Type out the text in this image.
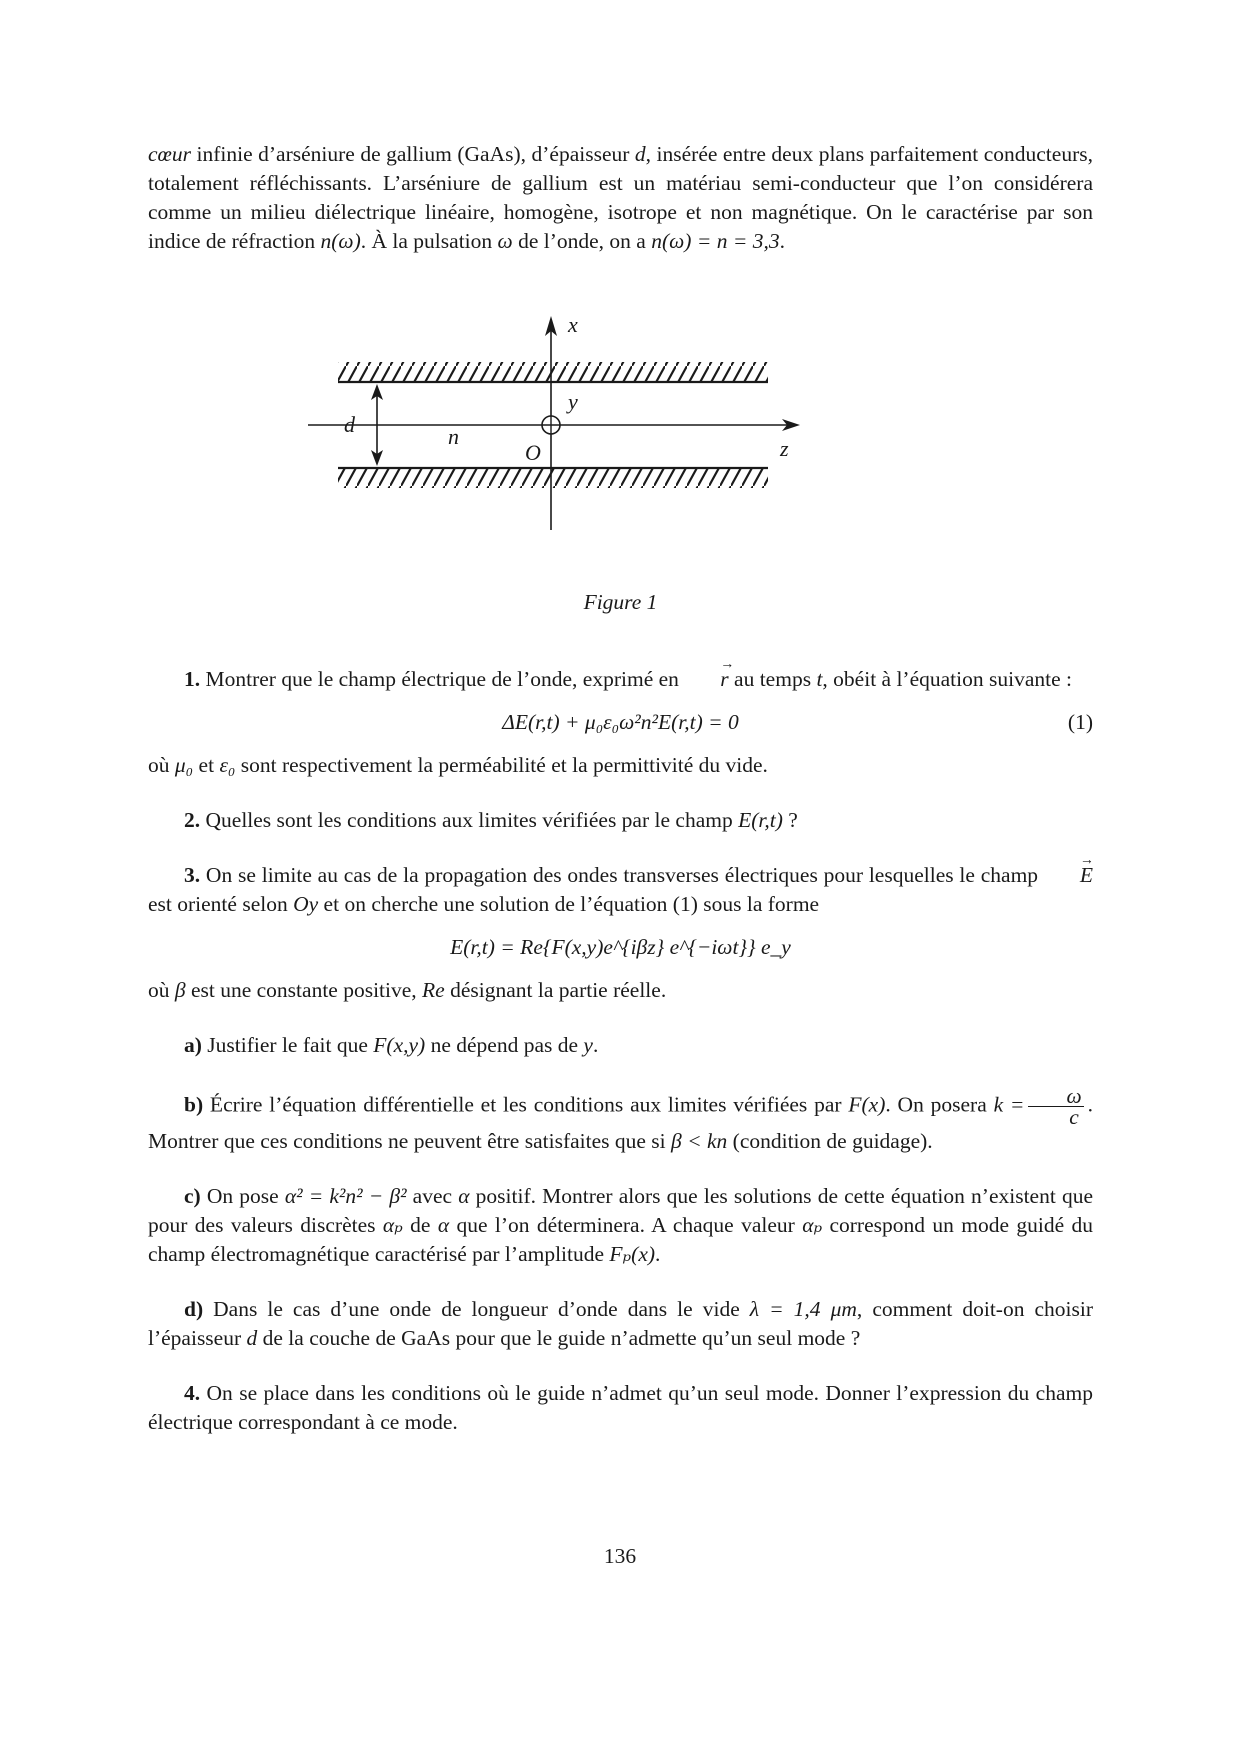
cœur infinie d’arséniure de gallium (GaAs), d’épaisseur d, insérée entre deux plans parfaitement conducteurs, totalement réfléchissants. L’arséniure de gallium est un matériau semi-conducteur que l’on considérera comme un milieu diélectrique linéaire, homogène, isotrope et non magnétique. On le caractérise par son indice de réfraction n(ω). À la pulsation ω de l’onde, on a n(ω) = n = 3,3.

x
y
z
d	n
O

Figure 1

1. Montrer que le champ électrique de l’onde, exprimé en → r au temps t, obéit à l’équation suivante :

ΔE(r,t) + μ₀ε₀ω²n²E(r,t) = 0	(1)

où μ₀ et ε₀ sont respectivement la perméabilité et la permittivité du vide.

2. Quelles sont les conditions aux limites vérifiées par le champ E(r,t) ?

3. On se limite au cas de la propagation des ondes transverses électriques pour lesquelles le champ → E est orienté selon Oy et on cherche une solution de l’équation (1) sous la forme

E(r,t) = Re{F(x,y)e^{iβz} e^{−iωt}} e_y

où β est une constante positive, Re désignant la partie réelle.

a) Justifier le fait que F(x,y) ne dépend pas de y.

b) Écrire l’équation différentielle et les conditions aux limites vérifiées par F(x). On posera $k = \frac{\omega}{c}$ . Montrer que ces conditions ne peuvent être satisfaites que si β < kn (condition de guidage).

c) On pose α² = k²n² − β² avec α positif. Montrer alors que les solutions de cette équation n’existent que pour des valeurs discrètes αₚ de α que l’on déterminera. A chaque valeur αₚ correspond un mode guidé du champ électromagnétique caractérisé par l’amplitude Fₚ(x).

d) Dans le cas d’une onde de longueur d’onde dans le vide λ = 1,4 μm, comment doit-on choisir l’épaisseur d de la couche de GaAs pour que le guide n’admette qu’un seul mode ?

4. On se place dans les conditions où le guide n’admet qu’un seul mode. Donner l’expression du champ électrique correspondant à ce mode.

136
